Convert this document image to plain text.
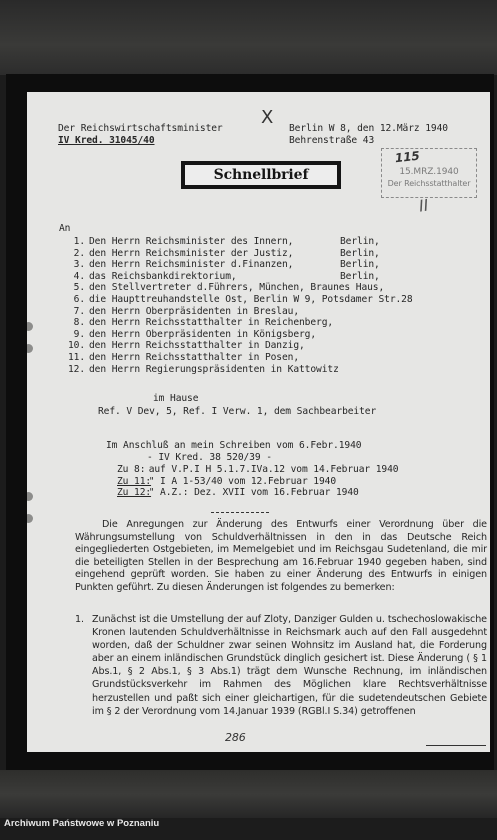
Der Reichswirtschaftsminister
IV Kred. 31045/40
X
Berlin W 8, den 12.März 1940
Behrenstraße 43
15.MRZ.1940
Der Reichsstatthalter
115
II
Schnellbrief
An
1. Den Herrn Reichsminister des Innern,	Berlin,
2. den Herrn Reichsminister der Justiz,	Berlin,
3. den Herrn Reichsminister d.Finanzen,	Berlin,
4. das Reichsbankdirektorium,	Berlin,
5. den Stellvertreter d.Führers, München, Braunes Haus,
6. die Haupttreuhandstelle Ost, Berlin W 9, Potsdamer Str.28
7. den Herrn Oberpräsidenten in Breslau,
8. den Herrn Reichsstatthalter in Reichenberg,
9. den Herrn Oberpräsidenten in Königsberg,
10. den Herrn Reichsstatthalter in Danzig,
11. den Herrn Reichsstatthalter in Posen,
12. den Herrn Regierungspräsidenten in Kattowitz
im Hause
Ref. V Dev, 5, Ref. I Verw. 1, dem Sachbearbeiter
Im Anschluß an mein Schreiben vom 6.Febr.1940
- IV Kred. 38 520/39 -
Zu 8: auf V.P.I H 5.1.7.IVa.12 vom 14.Februar 1940
Zu 11: " I A 1-53/40 vom 12.Februar 1940
Zu 12: " A.Z.: Dez. XVII vom 16.Februar 1940

Die Anregungen zur Änderung des Entwurfs einer Verordnung über die Währungsumstellung von Schuldverhältnissen in den in das Deutsche Reich eingegliederten Ostgebieten, im Memelgebiet und im Reichsgau Sudetenland, die mir die beteiligten Stellen in der Besprechung am 16.Februar 1940 gegeben haben, sind eingehend geprüft worden. Sie haben zu einer Änderung des Entwurfs in einigen Punkten geführt. Zu diesen Änderungen ist folgendes zu bemerken:

1. Zunächst ist die Umstellung der auf Zloty, Danziger Gulden u. tschechoslowakische Kronen lautenden Schuldverhältnisse in Reichsmark auch auf den Fall ausgedehnt worden, daß der Schuldner zwar seinen Wohnsitz im Ausland hat, die Forderung aber an einem inländischen Grundstück dinglich gesichert ist. Diese Änderung ( § 1 Abs.1, § 2 Abs.1, § 3 Abs.1) trägt dem Wunsche Rechnung, im inländischen Grundstücksverkehr im Rahmen des Möglichen klare Rechtsverhältnisse herzustellen und paßt sich einer gleichartigen, für die sudetendeutschen Gebiete im § 2 der Verordnung vom 14.Januar 1939 (RGBl.I S.34) getroffenen
286
Archiwum Państwowe w Poznaniu
